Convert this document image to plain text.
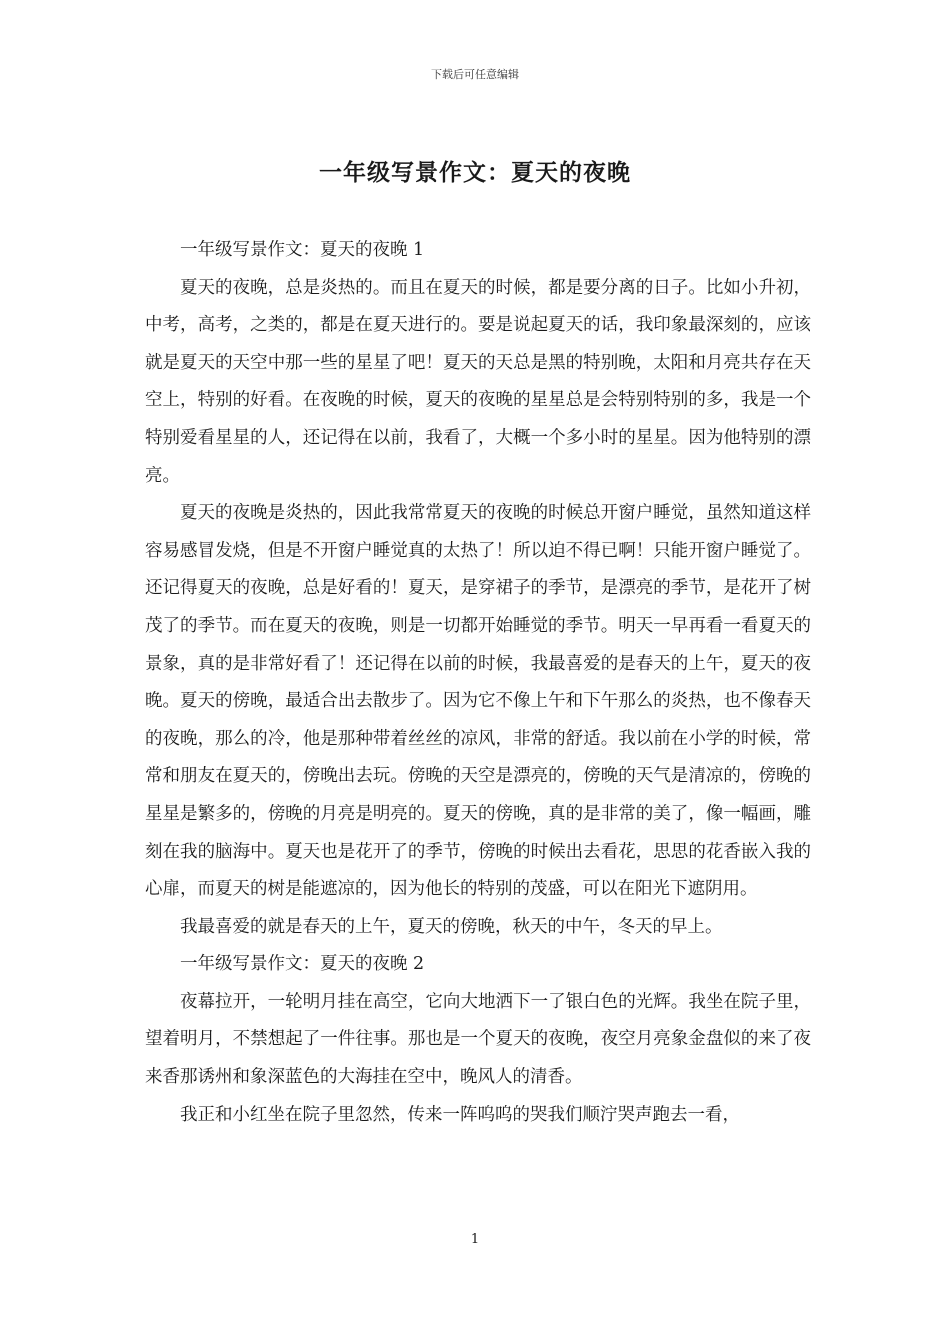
下载后可任意编辑
一年级写景作文：夏天的夜晚

一年级写景作文：夏天的夜晚 1

夏天的夜晚，总是炎热的。而且在夏天的时候，都是要分离的日子。比如小升初，中考，高考，之类的，都是在夏天进行的。要是说起夏天的话，我印象最深刻的，应该就是夏天的天空中那一些的星星了吧！夏天的天总是黑的特别晚，太阳和月亮共存在天空上，特别的好看。在夜晚的时候，夏天的夜晚的星星总是会特别特别的多，我是一个特别爱看星星的人，还记得在以前，我看了，大概一个多小时的星星。因为他特别的漂亮。

夏天的夜晚是炎热的，因此我常常夏天的夜晚的时候总开窗户睡觉，虽然知道这样容易感冒发烧，但是不开窗户睡觉真的太热了！所以迫不得已啊！只能开窗户睡觉了。还记得夏天的夜晚，总是好看的！夏天，是穿裙子的季节，是漂亮的季节，是花开了树茂了的季节。而在夏天的夜晚，则是一切都开始睡觉的季节。明天一早再看一看夏天的景象，真的是非常好看了！还记得在以前的时候，我最喜爱的是春天的上午，夏天的夜晚。夏天的傍晚，最适合出去散步了。因为它不像上午和下午那么的炎热，也不像春天的夜晚，那么的冷，他是那种带着丝丝的凉风，非常的舒适。我以前在小学的时候，常常和朋友在夏天的，傍晚出去玩。傍晚的天空是漂亮的，傍晚的天气是清凉的，傍晚的星星是繁多的，傍晚的月亮是明亮的。夏天的傍晚，真的是非常的美了，像一幅画，雕刻在我的脑海中。夏天也是花开了的季节，傍晚的时候出去看花，思思的花香嵌入我的心扉，而夏天的树是能遮凉的，因为他长的特别的茂盛，可以在阳光下遮阴用。

我最喜爱的就是春天的上午，夏天的傍晚，秋天的中午，冬天的早上。

一年级写景作文：夏天的夜晚 2

夜幕拉开，一轮明月挂在高空，它向大地洒下一了银白色的光辉。我坐在院子里，望着明月，不禁想起了一件往事。那也是一个夏天的夜晚，夜空月亮象金盘似的来了夜来香那诱州和象深蓝色的大海挂在空中，晚风人的清香。

我正和小红坐在院子里忽然，传来一阵呜呜的哭我们顺泞哭声跑去一看，

1
